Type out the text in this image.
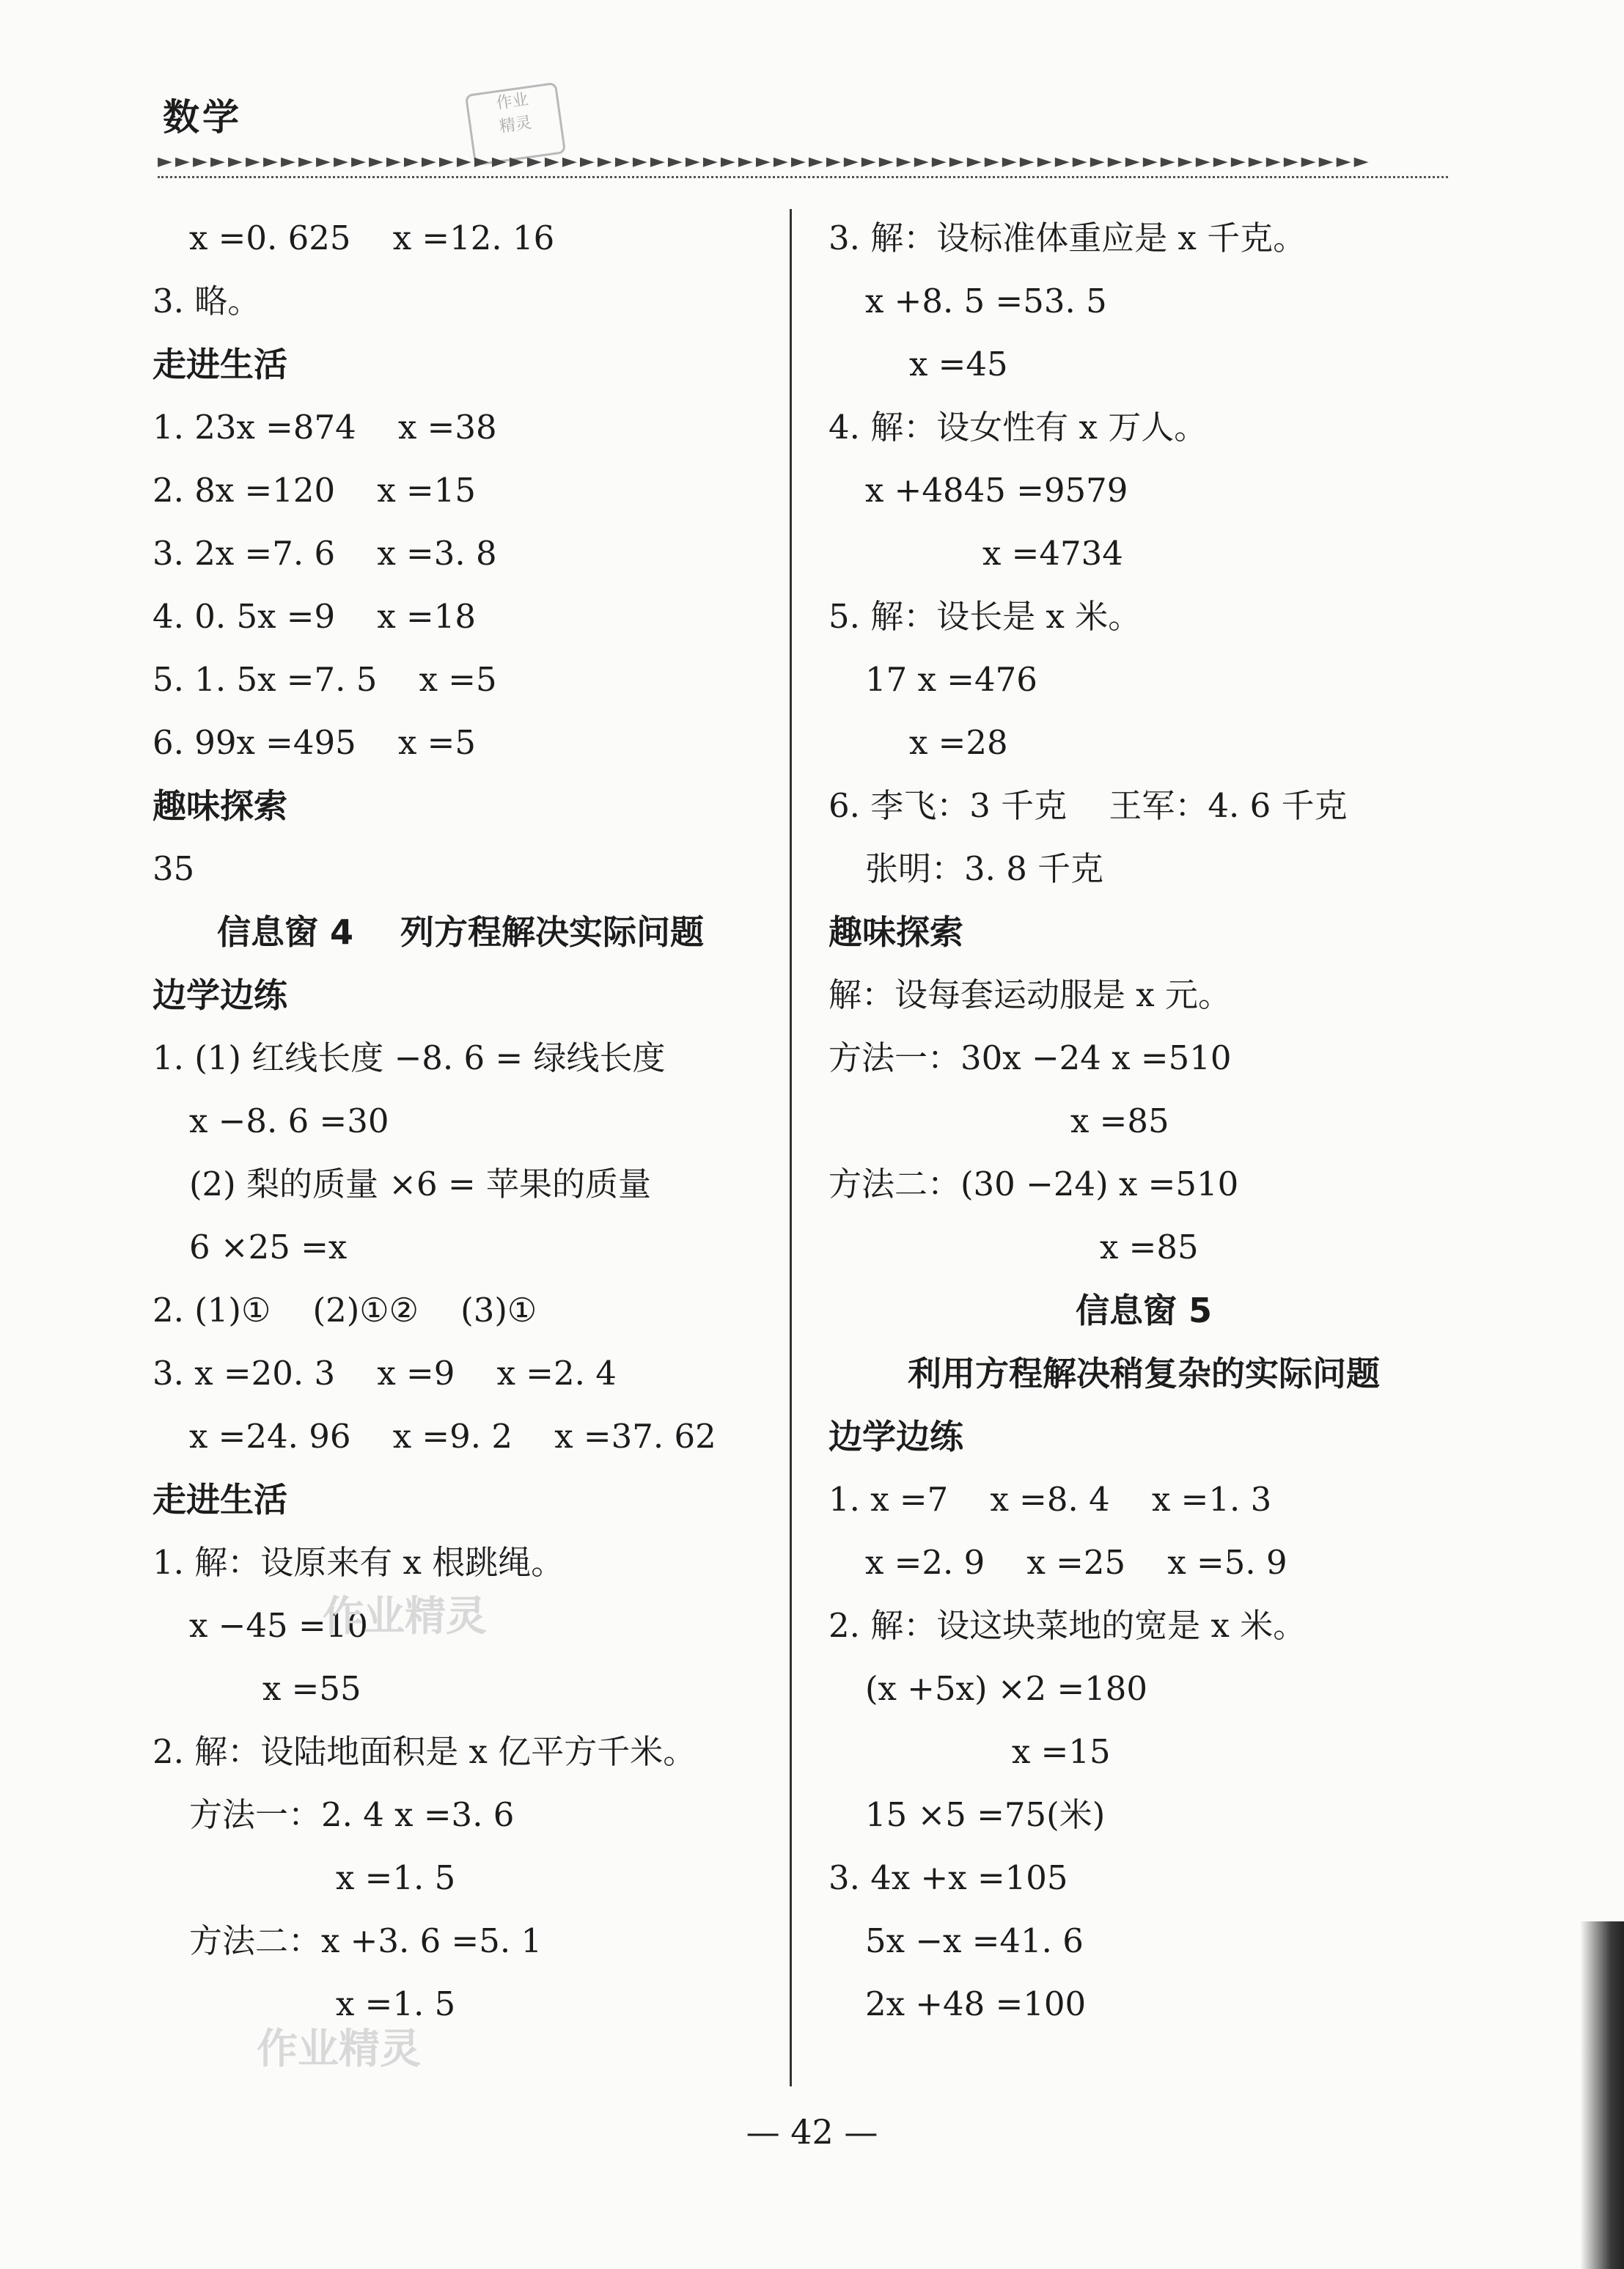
数学	作业
精灵
►►►►►►►►►►►►►►►►►►►►►►►►►►►►►►►►►►►►►►►►►►►►►►►►►►►►►►►►►►►►►►►►►►►►►
x =0. 625    x =12. 16
3. 略。
走进生活
1. 23x =874    x =38
2. 8x =120    x =15
3. 2x =7. 6    x =3. 8
4. 0. 5x =9    x =18
5. 1. 5x =7. 5    x =5
6. 99x =495    x =5
趣味探索
35
信息窗 4    列方程解决实际问题
边学边练
1. (1) 红线长度 −8. 6 = 绿线长度
x −8. 6 =30
(2) 梨的质量 ×6 = 苹果的质量
6 ×25 =x
2. (1)①    (2)①②    (3)①
3. x =20. 3    x =9    x =2. 4
x =24. 96    x =9. 2    x =37. 62
走进生活
1. 解：设原来有 x 根跳绳。
x −45 =10
x =55
2. 解：设陆地面积是 x 亿平方千米。
方法一：2. 4 x =3. 6
x =1. 5
方法二：x +3. 6 =5. 1
x =1. 5
3. 解：设标准体重应是 x 千克。
x +8. 5 =53. 5
x =45
4. 解：设女性有 x 万人。
x +4845 =9579
x =4734
5. 解：设长是 x 米。
17 x =476
x =28
6. 李飞：3 千克    王军：4. 6 千克
张明：3. 8 千克
趣味探索
解：设每套运动服是 x 元。
方法一：30x −24 x =510
x =85
方法二：(30 −24) x =510
x =85
信息窗 5
利用方程解决稍复杂的实际问题
边学边练
1. x =7    x =8. 4    x =1. 3
x =2. 9    x =25    x =5. 9
2. 解：设这块菜地的宽是 x 米。
(x +5x) ×2 =180
x =15
15 ×5 =75(米)
3. 4x +x =105
5x −x =41. 6
2x +48 =100
作业精灵
作业精灵
— 42 —
